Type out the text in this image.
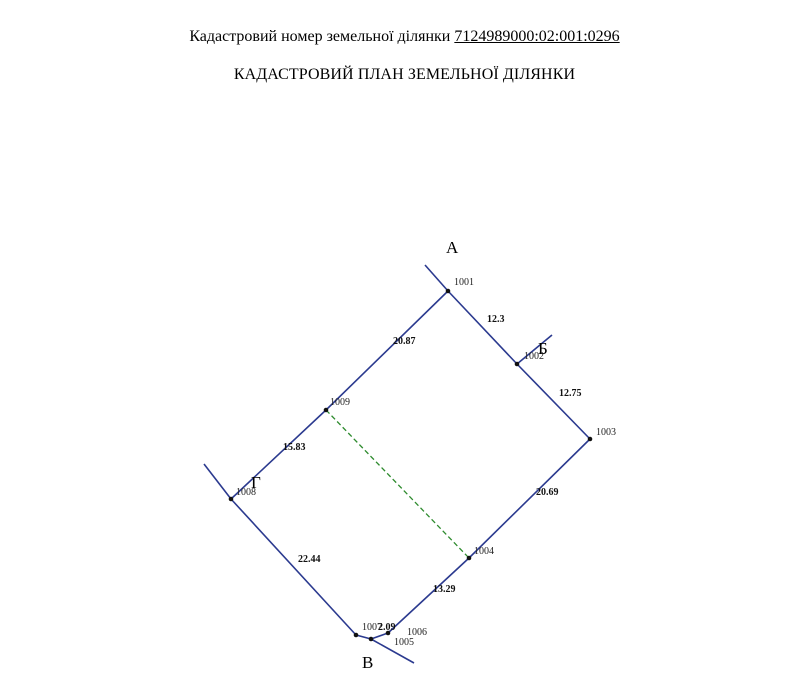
Кадастровий номер земельної ділянки 7124989000:02:001:0296
КАДАСТРОВИЙ ПЛАН ЗЕМЕЛЬНОЇ ДІЛЯНКИ
1001
1002
1003
1004
1005
1006
1007
1008
1009
12.3
12.75
20.69
13.29
2.09
22.44
15.83
20.87
А
Б
В
Г
